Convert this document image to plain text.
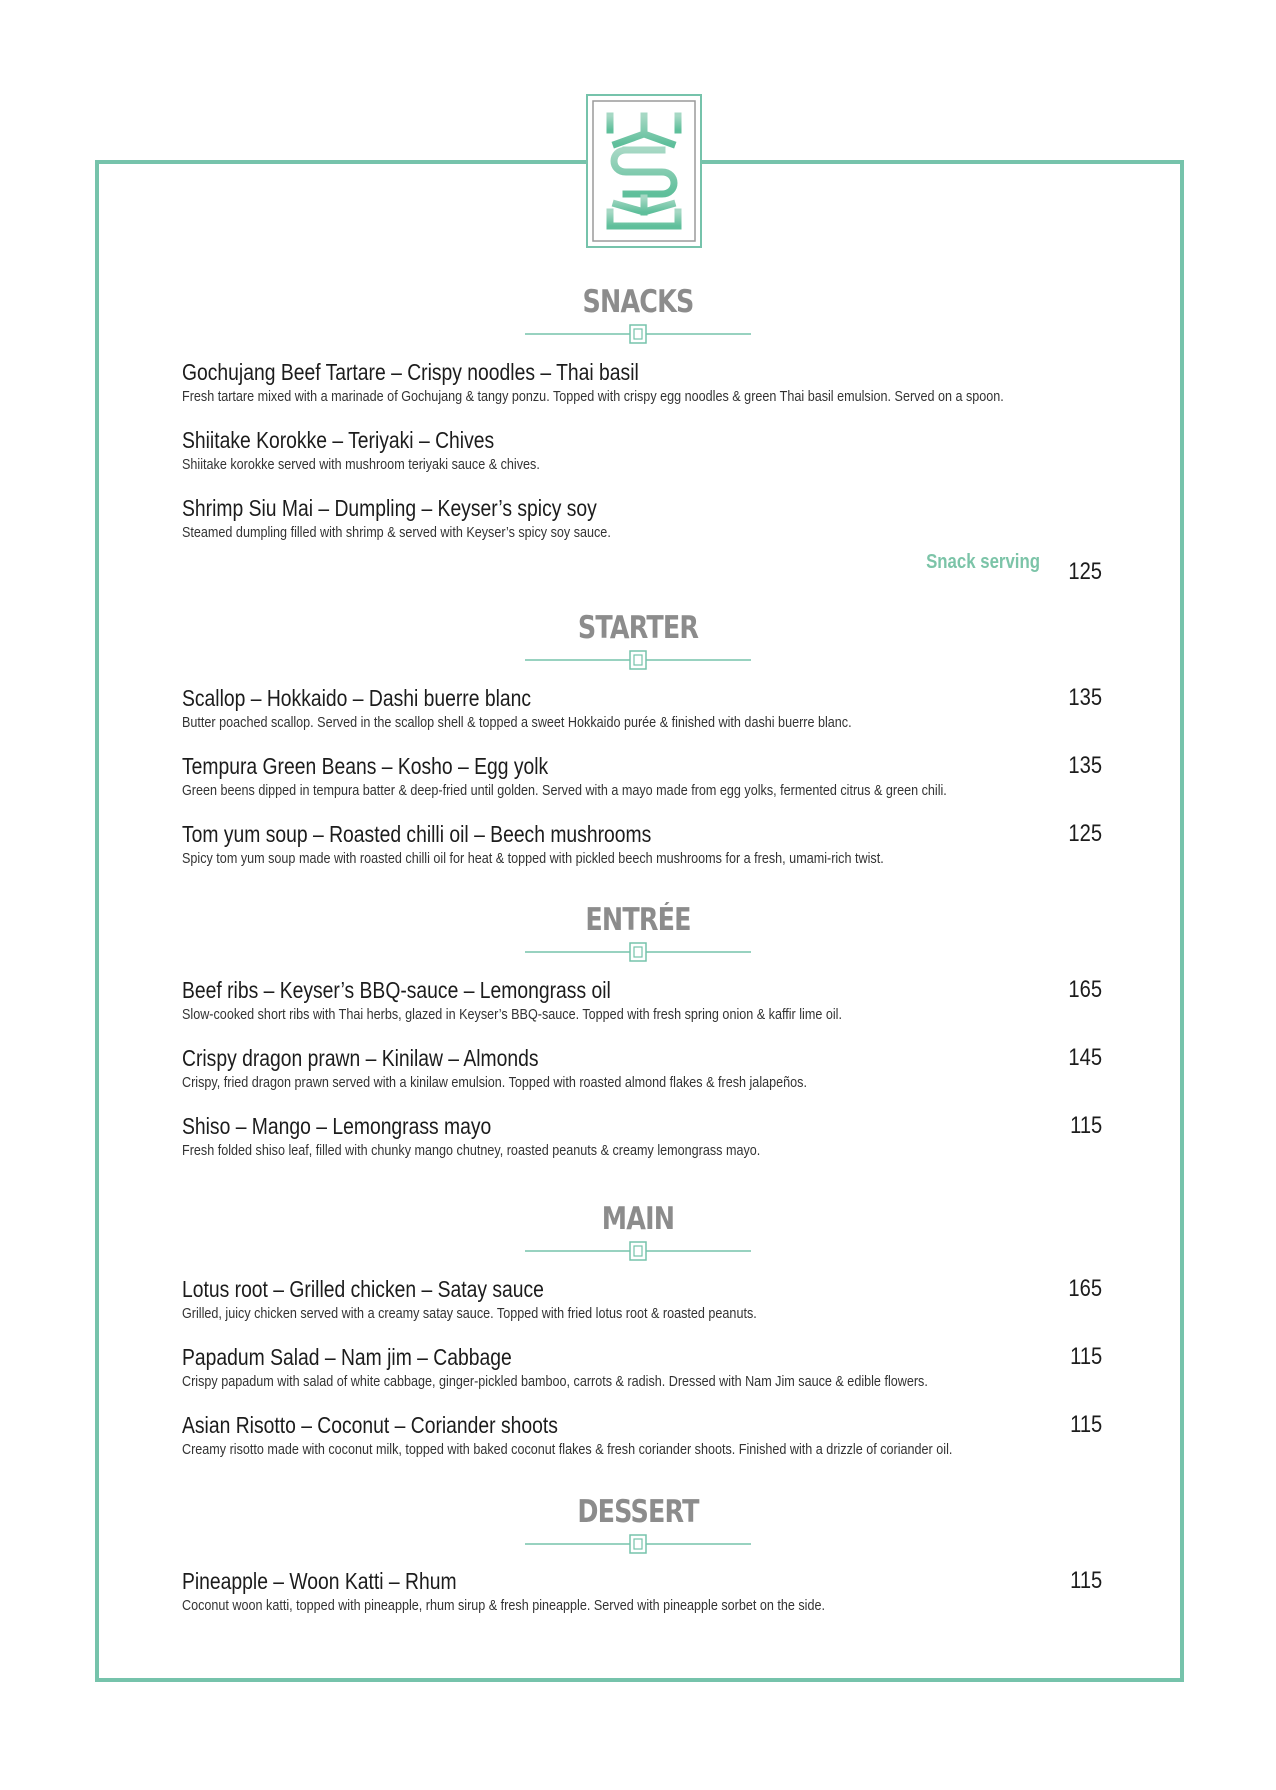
SNACKS
Gochujang Beef Tartare – Crispy noodles – Thai basil
Fresh tartare mixed with a marinade of Gochujang & tangy ponzu. Topped with crispy egg noodles & green Thai basil emulsion. Served on a spoon.
Shiitake Korokke – Teriyaki – Chives
Shiitake korokke served with mushroom teriyaki sauce & chives.
Shrimp Siu Mai – Dumpling – Keyser’s spicy soy
Steamed dumpling filled with shrimp & served with Keyser’s spicy soy sauce.
Snack serving	125
STARTER
Scallop – Hokkaido – Dashi buerre blanc
Butter poached scallop. Served in the scallop shell & topped a sweet Hokkaido purée & finished with dashi buerre blanc.
135
Tempura Green Beans – Kosho – Egg yolk
Green beens dipped in tempura batter & deep-fried until golden. Served with a mayo made from egg yolks, fermented citrus & green chili.
135
Tom yum soup – Roasted chilli oil – Beech mushrooms
Spicy tom yum soup made with roasted chilli oil for heat & topped with pickled beech mushrooms for a fresh, umami-rich twist.
125
ENTRÉE
Beef ribs – Keyser’s BBQ-sauce – Lemongrass oil
Slow-cooked short ribs with Thai herbs, glazed in Keyser’s BBQ-sauce. Topped with fresh spring onion & kaffir lime oil.
165
Crispy dragon prawn – Kinilaw – Almonds
Crispy, fried dragon prawn served with a kinilaw emulsion. Topped with roasted almond flakes & fresh jalapeños.
145
Shiso – Mango – Lemongrass mayo
Fresh folded shiso leaf, filled with chunky mango chutney, roasted peanuts & creamy lemongrass mayo.
115
MAIN
Lotus root – Grilled chicken – Satay sauce
Grilled, juicy chicken served with a creamy satay sauce. Topped with fried lotus root & roasted peanuts.
165
Papadum Salad – Nam jim – Cabbage
Crispy papadum with salad of white cabbage, ginger-pickled bamboo, carrots & radish. Dressed with Nam Jim sauce & edible flowers.
115
Asian Risotto – Coconut – Coriander shoots
Creamy risotto made with coconut milk, topped with baked coconut flakes & fresh coriander shoots. Finished with a drizzle of coriander oil.
115
DESSERT
Pineapple – Woon Katti – Rhum
Coconut woon katti, topped with pineapple, rhum sirup & fresh pineapple. Served with pineapple sorbet on the side.
115
